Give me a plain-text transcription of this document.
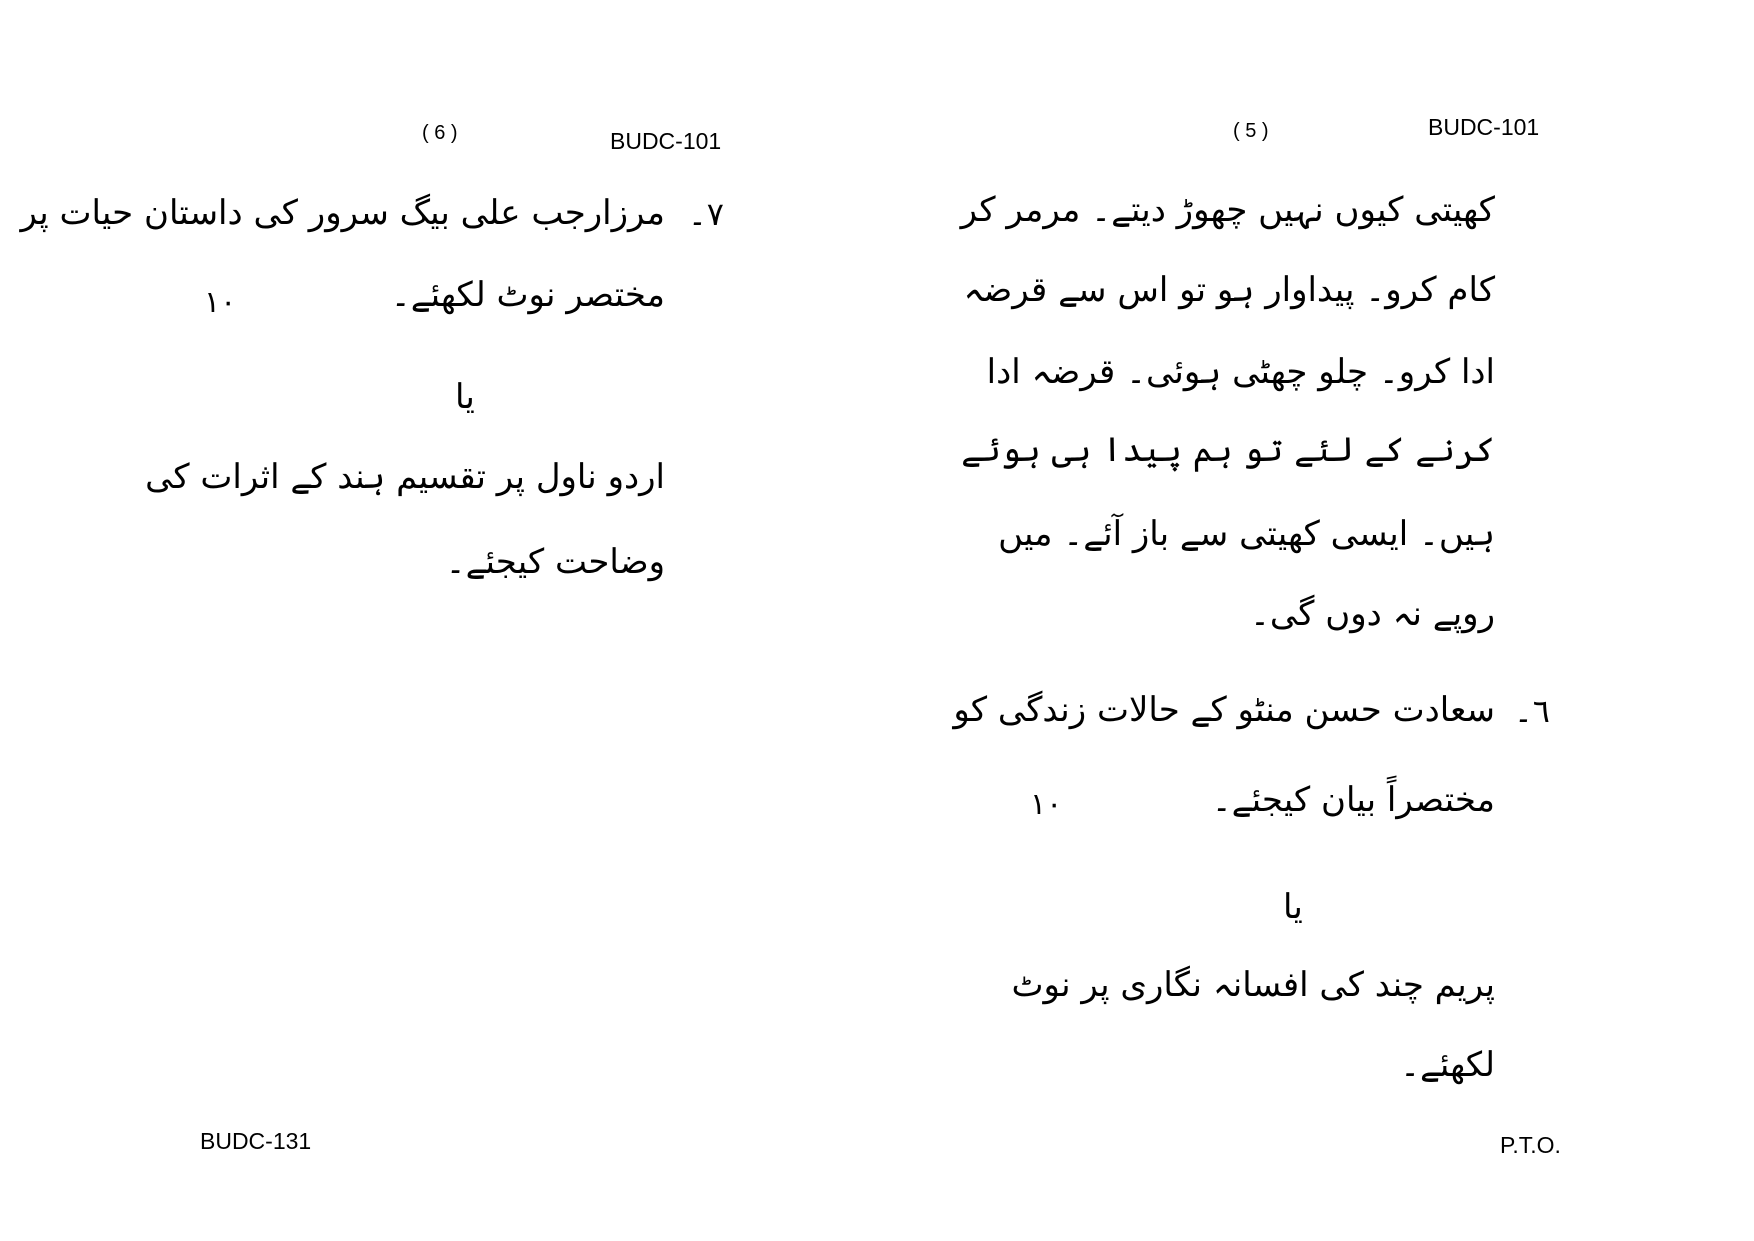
( 6 )	BUDC-101
۷۔
مرزارجب علی بیگ سرور کی داستان حیات پر
مختصر نوٹ لکھئے۔
۱۰
یا
اردو ناول پر تقسیم ہند کے اثرات کی
وضاحت کیجئے۔
BUDC-131
( 5 )	BUDC-101
کھیتی کیوں نہیں چھوڑ دیتے۔ مرمر کر
کام کرو۔ پیداوار ہو تو اس سے قرضہ
ادا کرو۔ چلو چھٹی ہوئی۔ قرضہ ادا
کرنے کے لئے تو ہم پیدا ہی ہوئے
ہیں۔ ایسی کھیتی سے باز آئے۔ میں
روپے نہ دوں گی۔
٦۔
سعادت حسن منٹو کے حالات زندگی کو
مختصراً بیان کیجئے۔
۱۰
یا
پریم چند کی افسانہ نگاری پر نوٹ
لکھئے۔
P.T.O.
